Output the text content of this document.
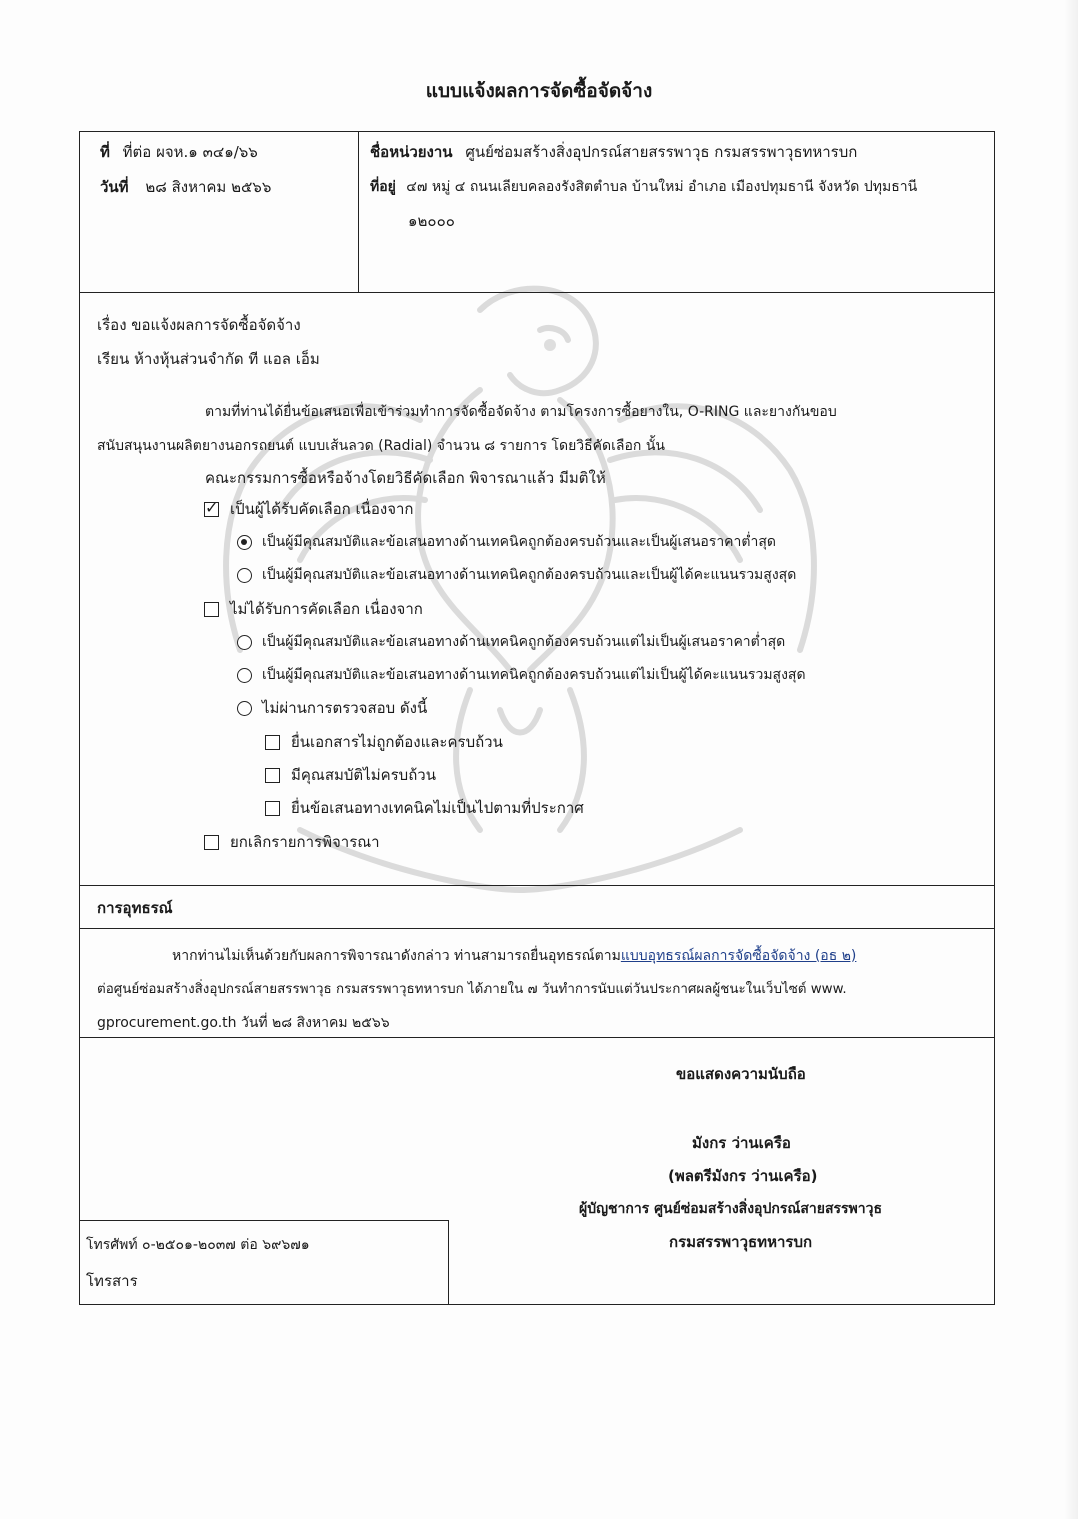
แบบแจ้งผลการจัดซื้อจัดจ้าง
ที่ ที่ต่อ ผจห.๑ ๓๔๑/๖๖
วันที่ ๒๘ สิงหาคม ๒๕๖๖
ชื่อหน่วยงาน ศูนย์ซ่อมสร้างสิ่งอุปกรณ์สายสรรพาวุธ กรมสรรพาวุธทหารบก
ที่อยู่ ๔๗ หมู่ ๔ ถนนเลียบคลองรังสิตตำบล บ้านใหม่ อำเภอ เมืองปทุมธานี จังหวัด ปทุมธานี
๑๒๐๐๐
เรื่อง ขอแจ้งผลการจัดซื้อจัดจ้าง
เรียน ห้างหุ้นส่วนจำกัด ที แอล เอ็ม
ตามที่ท่านได้ยื่นข้อเสนอเพื่อเข้าร่วมทำการจัดซื้อจัดจ้าง ตามโครงการซื้อยางใน, O-RING และยางกันขอบ
สนับสนุนงานผลิตยางนอกรถยนต์ แบบเส้นลวด (Radial) จำนวน ๘ รายการ โดยวิธีคัดเลือก นั้น
คณะกรรมการซื้อหรือจ้างโดยวิธีคัดเลือก พิจารณาแล้ว มีมติให้
✓
เป็นผู้ได้รับคัดเลือก เนื่องจาก
เป็นผู้มีคุณสมบัติและข้อเสนอทางด้านเทคนิคถูกต้องครบถ้วนและเป็นผู้เสนอราคาต่ำสุด
เป็นผู้มีคุณสมบัติและข้อเสนอทางด้านเทคนิคถูกต้องครบถ้วนและเป็นผู้ได้คะแนนรวมสูงสุด
ไม่ได้รับการคัดเลือก เนื่องจาก
เป็นผู้มีคุณสมบัติและข้อเสนอทางด้านเทคนิคถูกต้องครบถ้วนแต่ไม่เป็นผู้เสนอราคาต่ำสุด
เป็นผู้มีคุณสมบัติและข้อเสนอทางด้านเทคนิคถูกต้องครบถ้วนแต่ไม่เป็นผู้ได้คะแนนรวมสูงสุด
ไม่ผ่านการตรวจสอบ ดังนี้
ยื่นเอกสารไม่ถูกต้องและครบถ้วน
มีคุณสมบัติไม่ครบถ้วน
ยื่นข้อเสนอทางเทคนิคไม่เป็นไปตามที่ประกาศ
ยกเลิกรายการพิจารณา
การอุทธรณ์
หากท่านไม่เห็นด้วยกับผลการพิจารณาดังกล่าว ท่านสามารถยื่นอุทธรณ์ตามแบบอุทธรณ์ผลการจัดซื้อจัดจ้าง (อธ ๒)
ต่อศูนย์ซ่อมสร้างสิ่งอุปกรณ์สายสรรพาวุธ กรมสรรพาวุธทหารบก ได้ภายใน ๗ วันทำการนับแต่วันประกาศผลผู้ชนะในเว็บไซต์ www.
gprocurement.go.th วันที่ ๒๘ สิงหาคม ๒๕๖๖
ขอแสดงความนับถือ
มังกร ว่านเครือ
(พลตรีมังกร ว่านเครือ)
ผู้บัญชาการ ศูนย์ซ่อมสร้างสิ่งอุปกรณ์สายสรรพาวุธ
กรมสรรพาวุธทหารบก
โทรศัพท์ ๐-๒๕๐๑-๒๐๓๗ ต่อ ๖๙๖๗๑
โทรสาร
